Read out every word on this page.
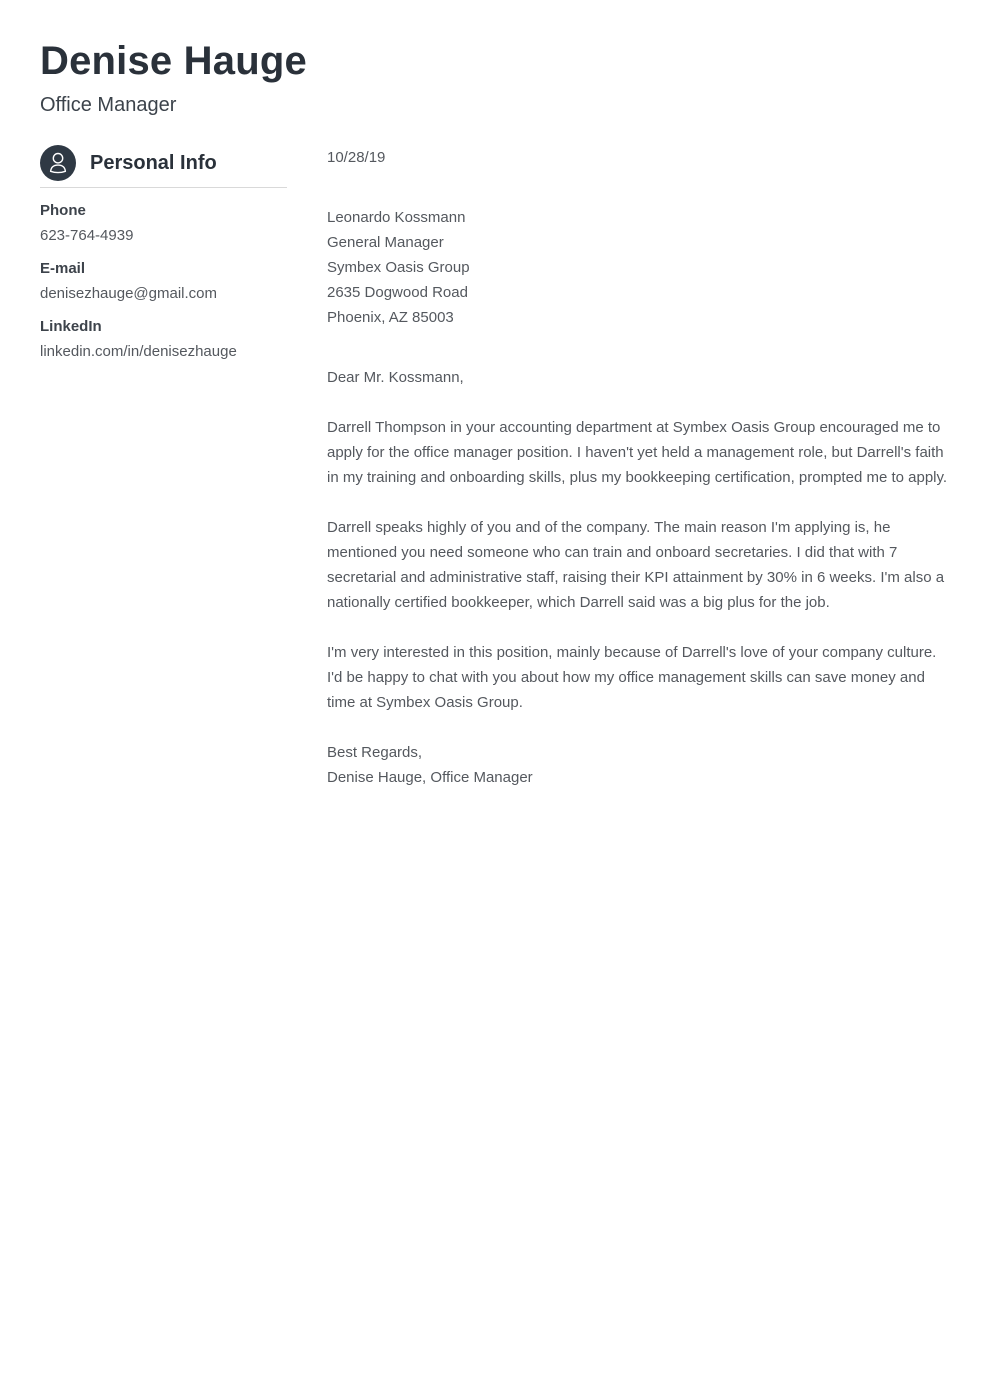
Denise Hauge
Office Manager
Personal Info
Phone
623-764-4939
E-mail
denisezhauge@gmail.com
LinkedIn
linkedin.com/in/denisezhauge
10/28/19
Leonardo Kossmann
General Manager
Symbex Oasis Group
2635 Dogwood Road
Phoenix, AZ 85003
Dear Mr. Kossmann,

Darrell Thompson in your accounting department at Symbex Oasis Group encouraged me to apply for the office manager position. I haven't yet held a management role, but Darrell's faith in my training and onboarding skills, plus my bookkeeping certification, prompted me to apply.

Darrell speaks highly of you and of the company. The main reason I'm applying is, he mentioned you need someone who can train and onboard secretaries. I did that with 7 secretarial and administrative staff, raising their KPI attainment by 30% in 6 weeks. I'm also a nationally certified bookkeeper, which Darrell said was a big plus for the job.

I'm very interested in this position, mainly because of Darrell's love of your company culture. I'd be happy to chat with you about how my office management skills can save money and time at Symbex Oasis Group.

Best Regards,
Denise Hauge, Office Manager
